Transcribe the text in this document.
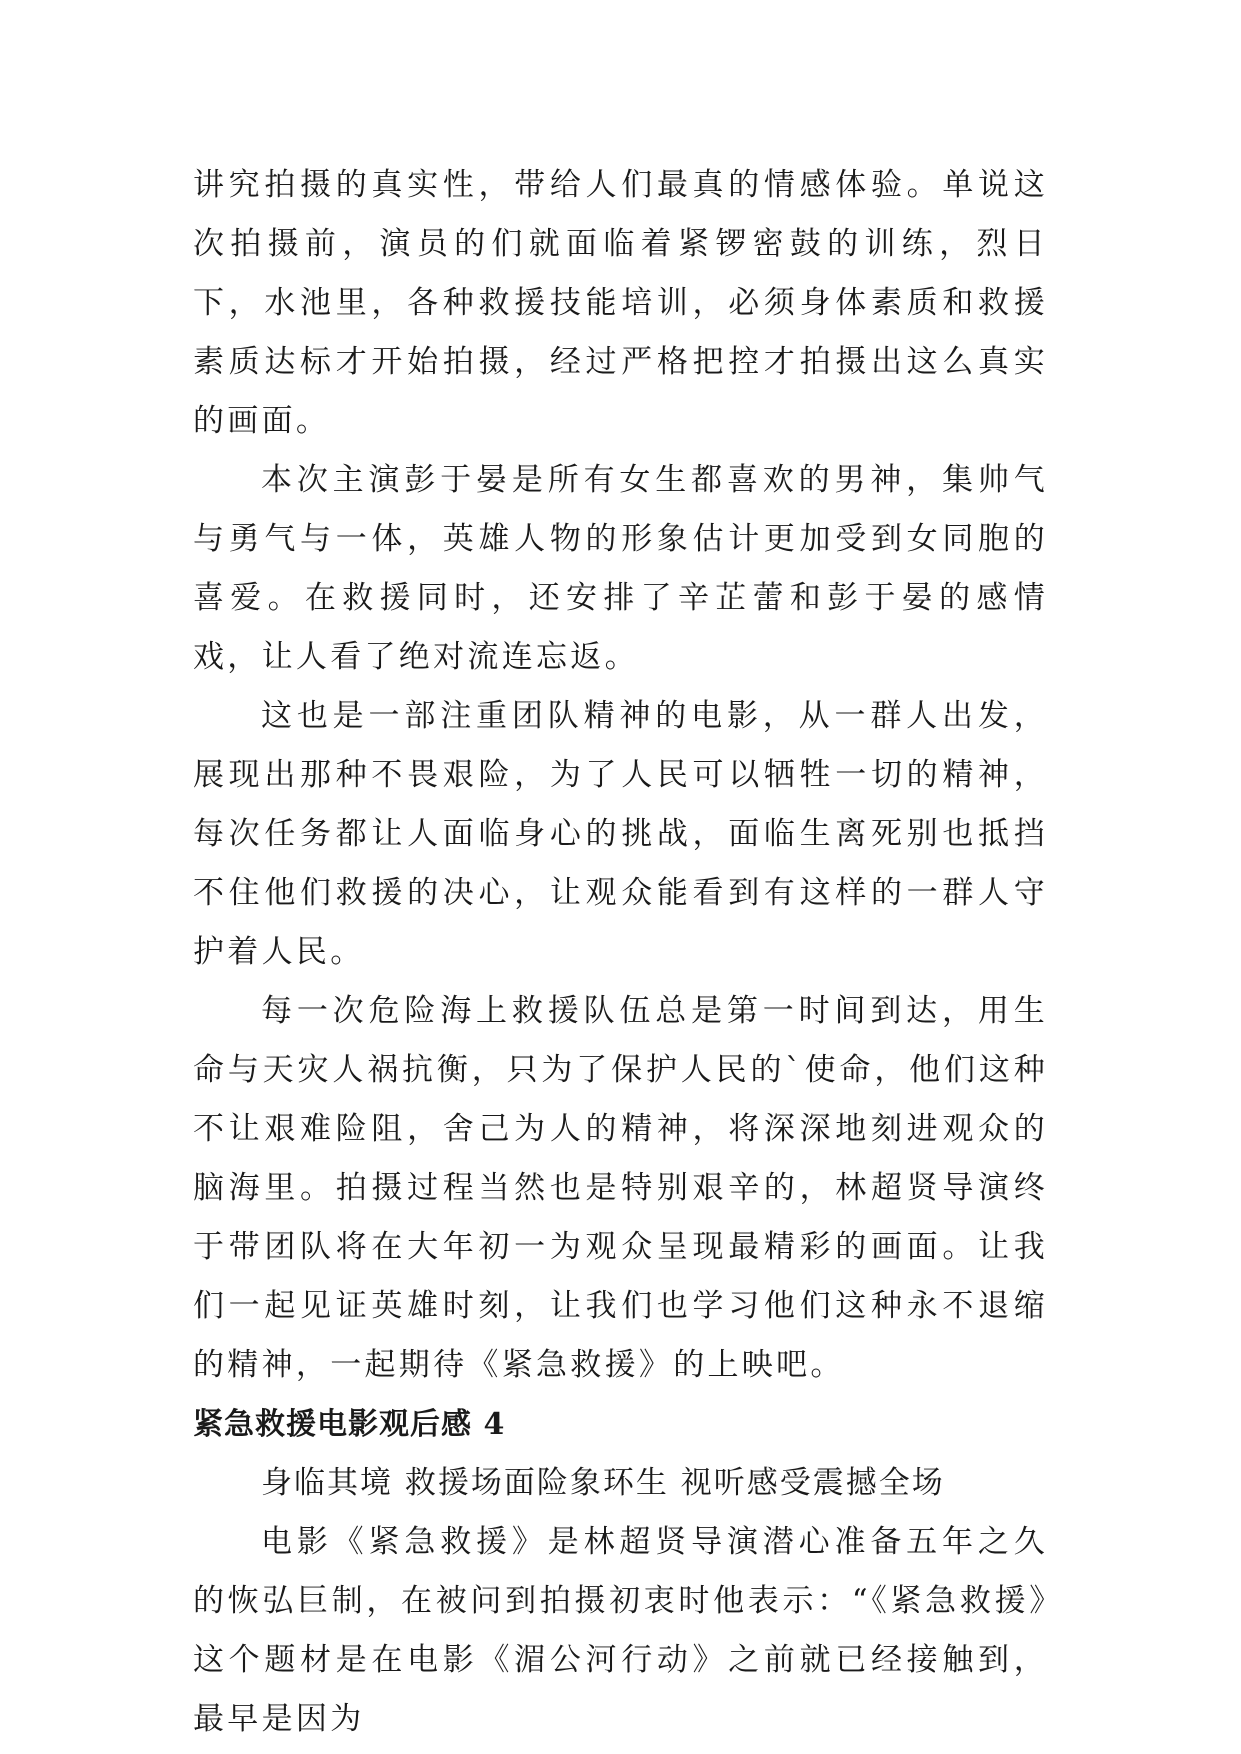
讲究拍摄的真实性，带给人们最真的情感体验。单说这次拍摄前，演员的们就面临着紧锣密鼓的训练，烈日下，水池里，各种救援技能培训，必须身体素质和救援素质达标才开始拍摄，经过严格把控才拍摄出这么真实的画面。

本次主演彭于晏是所有女生都喜欢的男神，集帅气与勇气与一体，英雄人物的形象估计更加受到女同胞的喜爱。在救援同时，还安排了辛芷蕾和彭于晏的感情戏，让人看了绝对流连忘返。

这也是一部注重团队精神的电影，从一群人出发，展现出那种不畏艰险，为了人民可以牺牲一切的精神，每次任务都让人面临身心的挑战，面临生离死别也抵挡不住他们救援的决心，让观众能看到有这样的一群人守护着人民。

每一次危险海上救援队伍总是第一时间到达，用生命与天灾人祸抗衡，只为了保护人民的`使命，他们这种不让艰难险阻，舍己为人的精神，将深深地刻进观众的脑海里。拍摄过程当然也是特别艰辛的，林超贤导演终于带团队将在大年初一为观众呈现最精彩的画面。让我们一起见证英雄时刻，让我们也学习他们这种永不退缩的精神，一起期待《紧急救援》的上映吧。

紧急救援电影观后感 4

身临其境 救援场面险象环生 视听感受震撼全场

电影《紧急救援》是林超贤导演潜心准备五年之久的恢弘巨制，在被问到拍摄初衷时他表示：“《紧急救援》这个题材是在电影《湄公河行动》之前就已经接触到，最早是因为
